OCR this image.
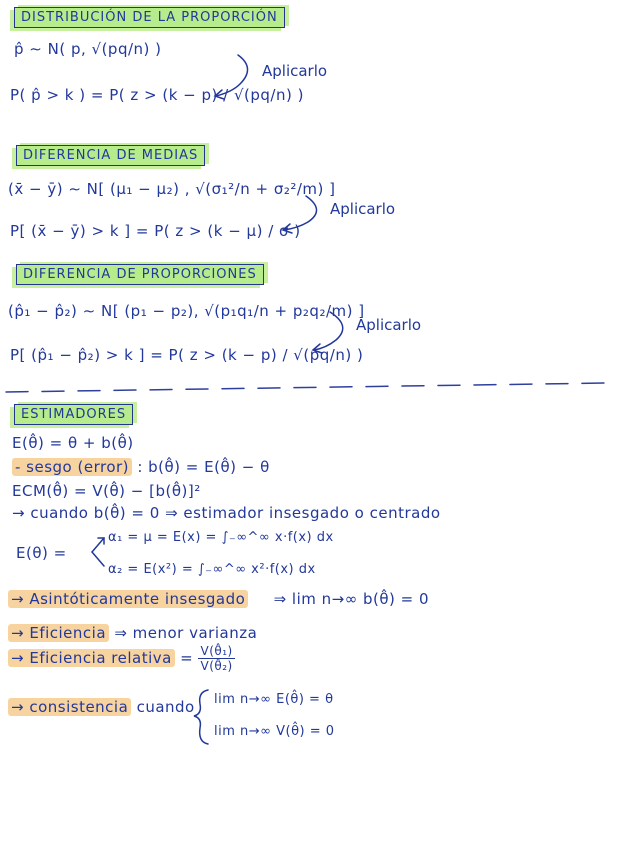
DISTRIBUCIÓN DE LA PROPORCIÓN
p̂ ∼ N( p, √(pq/n) )
P( p̂ > k ) = P( z > (k − p) / √(pq/n) )
Aplicarlo
DIFERENCIA DE MEDIAS
(x̄ − ȳ) ∼ N[ (μ₁ − μ₂) , √(σ₁²/n + σ₂²/m) ]
P[ (x̄ − ȳ) > k ] = P( z > (k − μ) / σ )
Aplicarlo
DIFERENCIA DE PROPORCIONES
(p̂₁ − p̂₂) ∼ N[ (p₁ − p₂), √(p₁q₁/n + p₂q₂/m) ]
P[ (p̂₁ − p̂₂) > k ] = P( z > (k − p) / √(pq/n) )
Aplicarlo
ESTIMADORES
E(θ̂) = θ + b(θ̂)
- sesgo (error) : b(θ̂) = E(θ̂) − θ
ECM(θ̂) = V(θ̂) − [b(θ̂)]²
→ cuando b(θ̂) = 0 ⇒ estimador insesgado o centrado
E(θ) =
α₁ = μ = E(x) = ∫₋∞^∞ x·f(x) dx
α₂ = E(x²) = ∫₋∞^∞ x²·f(x) dx
→ Asintóticamente insesgado ⇒ lim n→∞ b(θ̂) = 0
→ Eficiencia ⇒ menor varianza
→ Eficiencia relativa = $\frac{\text{V(θ̂₁)}}{\text{V(θ̂₂)}}$
→ consistencia cuando lim n→∞ E(θ̂) = θ
lim n→∞ V(θ̂) = 0
